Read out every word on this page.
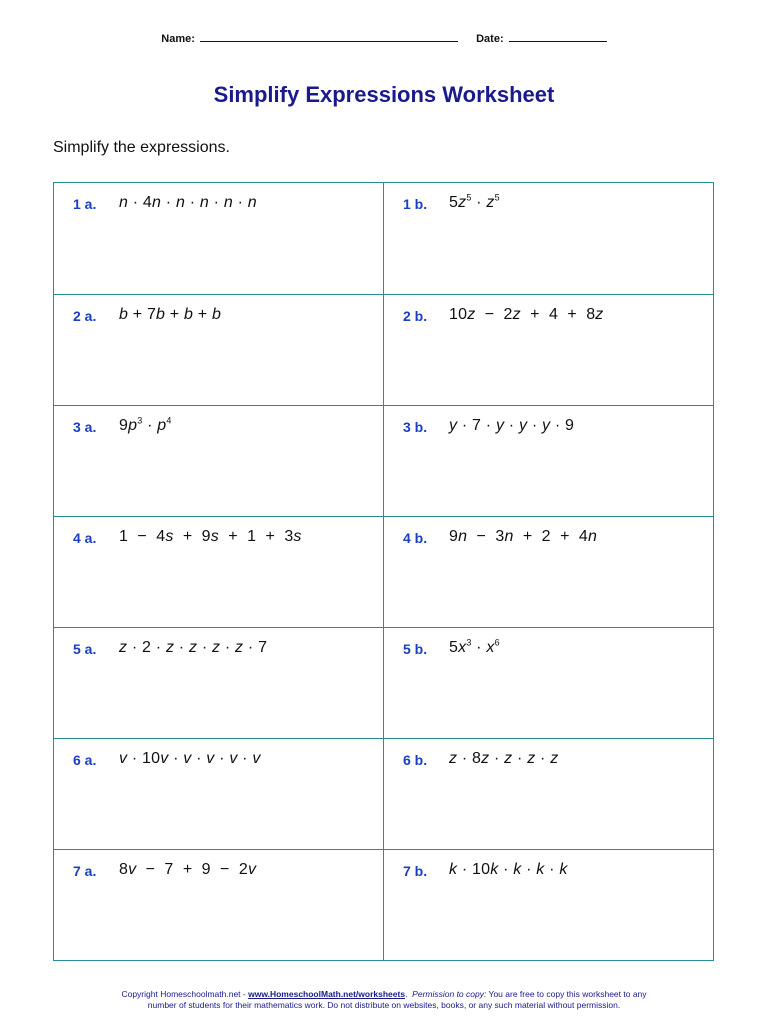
Name:	Date:
Simplify Expressions Worksheet
Simplify the expressions.
1 a. n · 4n · n · n · n · n	1 b. $5z^5 \cdot z^5$
2 a. b + 7b + b + b	2 b. 10z  −  2z  +  4  +  8z
3 a. $9p^3 \cdot p^4$	3 b. y · 7 · y · y · y · 9
4 a. 1  −  4s  +  9s  +  1  +  3s	4 b. 9n  −  3n  +  2  +  4n
5 a. z · 2 · z · z · z · z · 7	5 b. $5x^3 \cdot x^6$
6 a. v · 10v · v · v · v · v	6 b. z · 8z · z · z · z
7 a. 8v  −  7  +  9  −  2v	7 b. k · 10k · k · k · k
Copyright Homeschoolmath.net - www.HomeschoolMath.net/worksheets. Permission to copy: You are free to copy this worksheet to any
number of students for their mathematics work. Do not distribute on websites, books, or any such material without permission.
